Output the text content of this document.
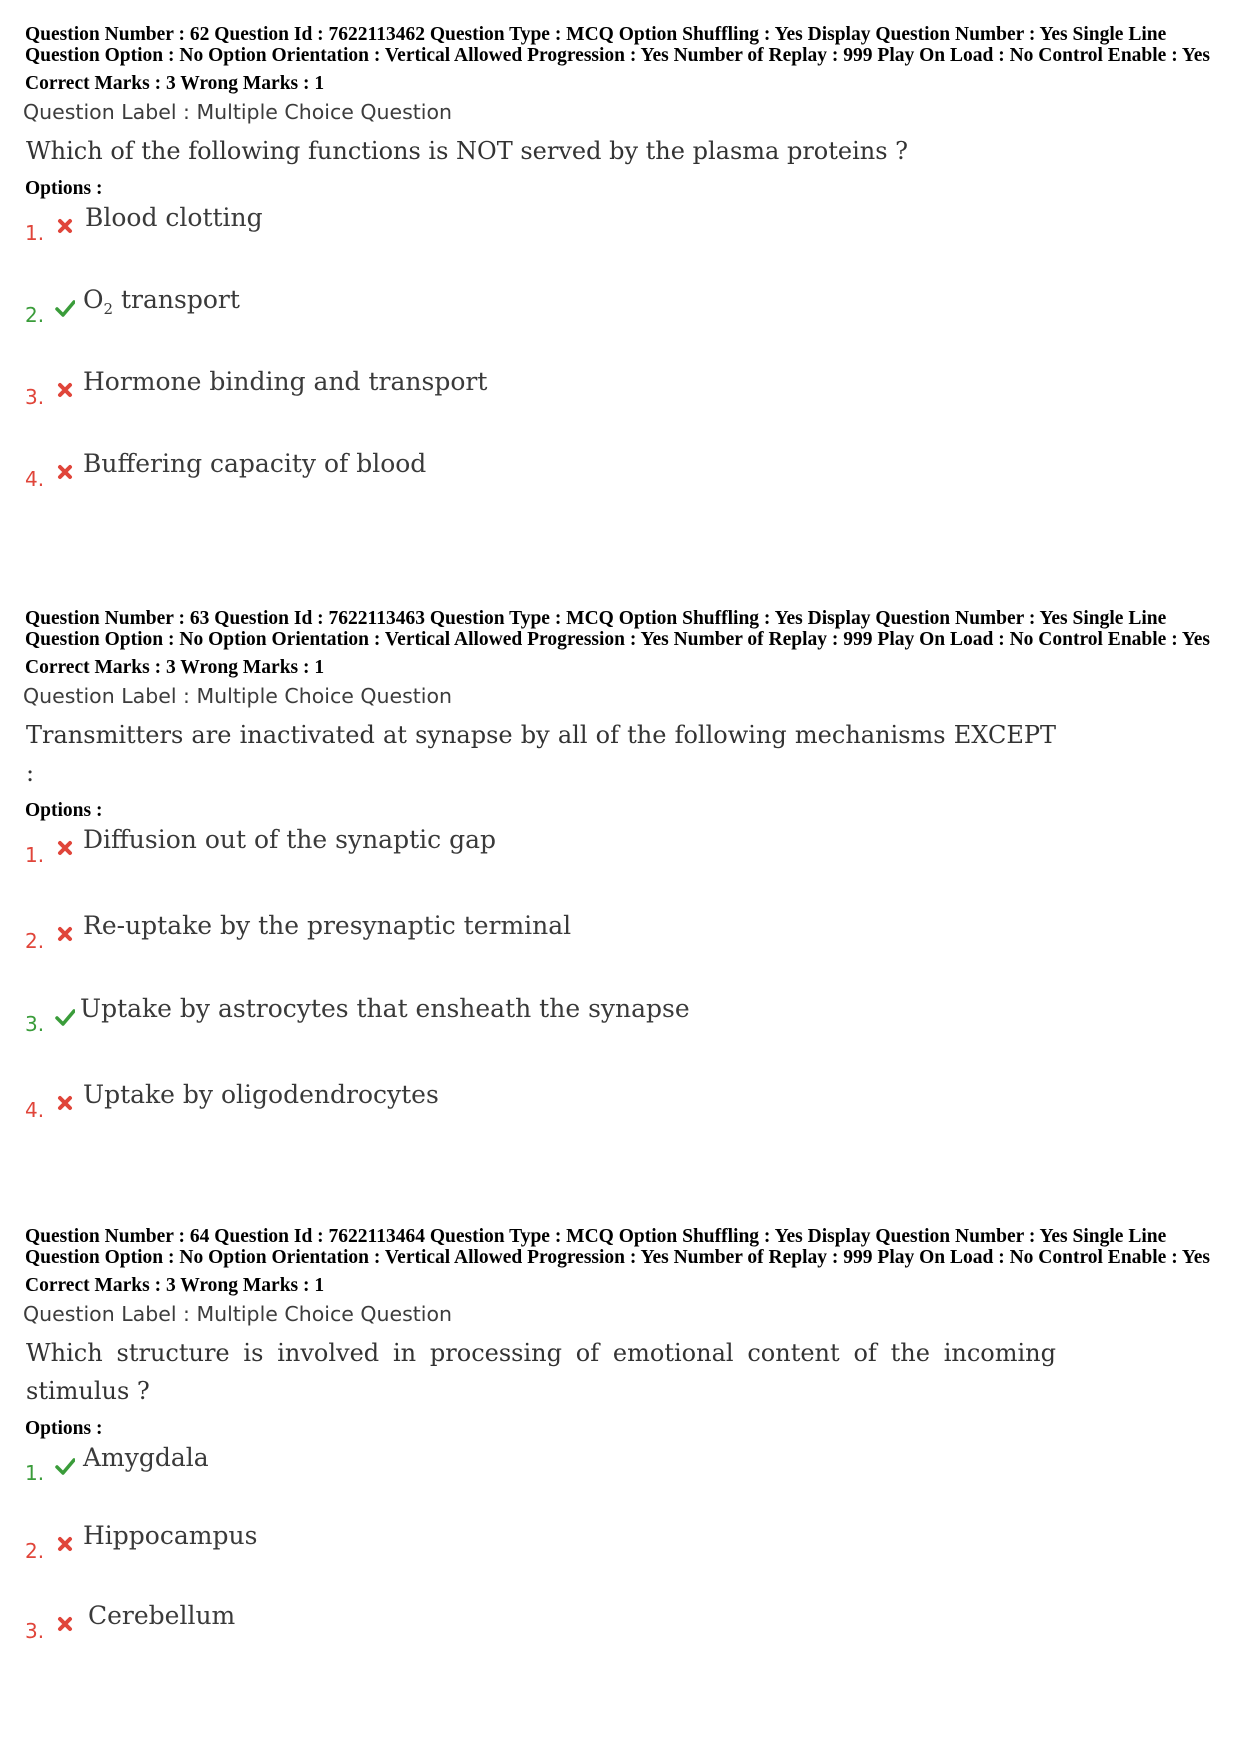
Question Number : 62 Question Id : 7622113462 Question Type : MCQ Option Shuffling : Yes Display Question Number : Yes Single Line Question Option : No Option Orientation : Vertical Allowed Progression : Yes Number of Replay : 999 Play On Load : No Control Enable : Yes
Correct Marks : 3 Wrong Marks : 1
Question Label : Multiple Choice Question
Which of the following functions is NOT served by the plasma proteins ?
Options :
1.
Blood clotting
2.
$O_2$ transport
3.
Hormone binding and transport
4.
Buffering capacity of blood
Question Number : 63 Question Id : 7622113463 Question Type : MCQ Option Shuffling : Yes Display Question Number : Yes Single Line Question Option : No Option Orientation : Vertical Allowed Progression : Yes Number of Replay : 999 Play On Load : No Control Enable : Yes
Correct Marks : 3 Wrong Marks : 1
Question Label : Multiple Choice Question
Transmitters are inactivated at synapse by all of the following mechanisms EXCEPT :
Options :
1.
Diffusion out of the synaptic gap
2.
Re-uptake by the presynaptic terminal
3.
Uptake by astrocytes that ensheath the synapse
4.
Uptake by oligodendrocytes
Question Number : 64 Question Id : 7622113464 Question Type : MCQ Option Shuffling : Yes Display Question Number : Yes Single Line Question Option : No Option Orientation : Vertical Allowed Progression : Yes Number of Replay : 999 Play On Load : No Control Enable : Yes
Correct Marks : 3 Wrong Marks : 1
Question Label : Multiple Choice Question
Which structure is involved in processing of emotional content of the incoming stimulus ?
Options :
1.
Amygdala
2.
Hippocampus
3.
Cerebellum
